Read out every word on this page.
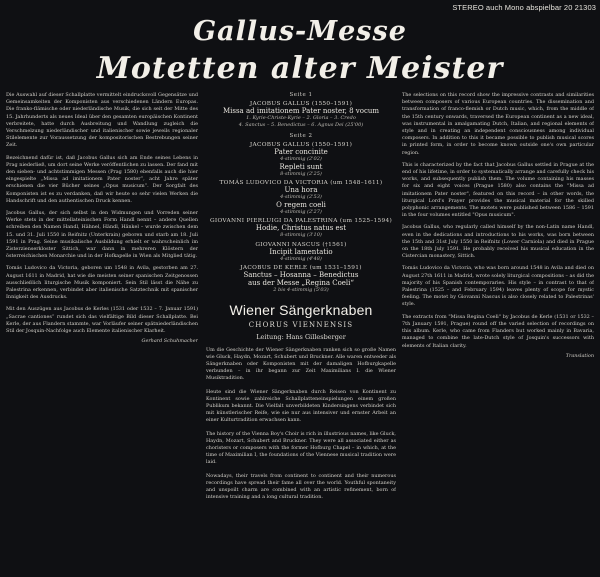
STEREO auch Mono abspielbar 20 21303
Gallus-Messe
Motetten alter Meister

Die Auswahl auf dieser Schallplatte vermittelt eindrucksvoll Gegensätze und Gemeinsamkeiten der Komponisten aus verschiedenen Ländern Europas. Die franko-flämische oder niederländische Musik, die sich seit der Mitte des 15. Jahrhunderts als neues Ideal über den gesamten europäischen Kontinent verbreitete, hatte durch Ausbreitung und Wandlung zugleich die Verschmelzung niederländischer und italienischer sowie jeweils regionaler Stilelemente zur Voraussetzung der kompositorischen Bestrebungen seiner Zeit.

Bezeichnend dafür ist, daß Jacobus Gallus sich am Ende seines Lebens in Prag niederließ, um dort seine Werke veröffentlichen zu lassen. Der fand mit den sieben- und achtstimmigen Messen (Prag 1580) ebenfalls auch die hier eingespielte „Missa ad imitationem Pater noster“, acht Jahre später erschienen die vier Bücher seines „Opus musicum“. Der Sorgfalt des Komponisten ist es zu verdanken, daß wir heute so sehr vielen Werken die Handschrift und den authentischen Druck kennen.

Jacobus Gallus, der sich selbst in den Widmungen und Vorreden seiner Werke stets in der mittellateinischen Form Handl nennt – andere Quellen schreiben den Namen Handl, Hähnel, Händl, Hänkel – wurde zwischen dem 15. und 31. Juli 1550 in Reifnitz (Unterkrain) geboren und starb am 18. Juli 1591 in Prag. Seine musikalische Ausbildung erhielt er wahrscheinlich im Zisterzienserkloster Sittich, war dann in mehreren Klöstern der österreichischen Monarchie und in der Hofkapelle in Wien als Mitglied tätig.

Tomás Ludovico da Victoria, geboren um 1548 in Avila, gestorben am 27. August 1611 in Madrid, hat wie die meisten seiner spanischen Zeitgenossen ausschließlich liturgische Musik komponiert. Sein Stil lässt die Nähe zu Palestrina erkennen, verbindet aber italienische Satztechnik mit spanischer Innigkeit des Ausdrucks.

Mit den Auszügen aus Jacobus de Kerles (1531 oder 1532 – 7. Januar 1591) „Sacrae cantiones“ rundet sich das vielfältige Bild dieser Schallplatte. Bei Kerle, der aus Flandern stammte, war Vorläufer seiner spätniederländischen Stil der Josquin-Nachfolge auch Elemente italienischer Klarheit.

Gerhard Schuhmacher

Seite 1
JACOBUS GALLUS (1550–1591)
Missa ad imitationem Pater noster, 8 vocum
1. Kyrie-Christe-Kyrie – 2. Gloria – 3. Credo
4. Sanctus – 5. Benedictus – 6. Agnus Dei (25'00)
Seite 2
JACOBUS GALLUS (1550–1591)
Pater concinite
4-stimmig (2'02)
Repleti sunt
8-stimmig (2'25)
TOMÁS LUDOVICO DA VICTORIA (um 1548–1611)
Una hora
4-stimmig (2'53)
O regem coeli
4-stimmig (2'27)
GIOVANNI PIERLUIGI DA PALESTRINA (um 1525–1594)
Hodie, Christus natus est
8-stimmig (3'10)
GIOVANNI NASCUS (†1561)
Incipit lamentatio
4-stimmig (4'48)
JACOBUS DE KERLE (um 1531–1591)
Sanctus – Hosanna – Benedictus
aus der Messe „Regina Coeli“
2 bis 4-stimmig (5'03)
Wiener Sängerknaben
CHORUS VIENNENSIS
Leitung: Hans Gillesberger

Um die Geschichte der Wiener Sängerknaben ranken sich so große Namen wie Gluck, Haydn, Mozart, Schubert und Bruckner. Alle waren entweder als Sängerknaben oder Komponisten mit der damaligen Hofburgkapelle verbunden – in ihr begann zur Zeit Maximilians I. die Wiener Musiktradition.

Heute sind die Wiener Sängerknaben durch Reisen von Kontinent zu Kontinent sowie zahlreiche Schallplatteneinspielungen einem großen Publikum bekannt. Die Vielfalt unverbildeten Kindersingens verbindet sich mit künstlerischer Reife, wie sie nur aus intensiver und ernster Arbeit an einer Kulturtradition erwachsen kann.

The history of the Vienna Boy's Choir is rich in illustrious names, like Gluck, Haydn, Mozart, Schubert and Bruckner. They were all associated either as choristers or composers with the former Hofburg Chapel – in which, at the time of Maximilian I, the foundations of the Viennese musical tradition were laid.

Nowadays, their travels from continent to continent and their numerous recordings have spread their fame all over the world. Youthful spontaneity and unspoilt charm are combined with an artistic refinement, born of intensive training and a long cultural tradition.

The selections on this record show the impressive contrasts and similarities between composers of various European countries. The dissemination and transformation of franco-flemish or Dutch music, which, from the middle of the 15th century onwards, traversed the European continent as a new ideal, was instrumental in amalgamating Dutch, Italian, and regional elements of style and in creating an independent consciousness among individual composers. In addition to this it became possible to publish musical scores in printed form, in order to become known outside one's own particular region.

This is characterized by the fact that Jacobus Gallus settled in Prague at the end of his lifetime, in order to systematically arrange and carefully check his works, and subsequently publish them. The volume containing his masses for six and eight voices (Prague 1580) also contains the "Missa ad imitationem Pater noster", featured on this record – in other words, the liturgical Lord's Prayer provides the musical material for the skilled polyphonic arrangements. The motets were published between 1586 – 1591 in the four volumes entitled "Opus musicum".

Jacobus Gallus, who regularly called himself by the non-Latin name Handl, even in the dedications and introductions to his works, was born between the 15th and 31st July 1550 in Reifnitz (Lower Carniola) and died in Prague on the 18th July 1591. He probably received his musical education in the Cistercian monastery, Sittich.

Tomás Ludovico da Victoria, who was born around 1548 in Avila and died on August 27th 1611 in Madrid, wrote solely liturgical compositions – as did the majority of his Spanish contemporaries. His style – in contrast to that of Palestrina (1525 – and February 1594) leaves plenty of scope for mystic feeling. The motet by Giovanni Nascus is also closely related to Palestrinas' style.

The extracts from "Missa Regina Coeli" by Jacobus de Kerle (1531 or 1532 – 7th January 1591, Prague) round off the varied selection of recordings on this album. Kerle, who came from Flanders but worked mainly in Bavaria, managed to combine the late-Dutch style of Josquin's successors with elements of Italian clarity.

Translation
